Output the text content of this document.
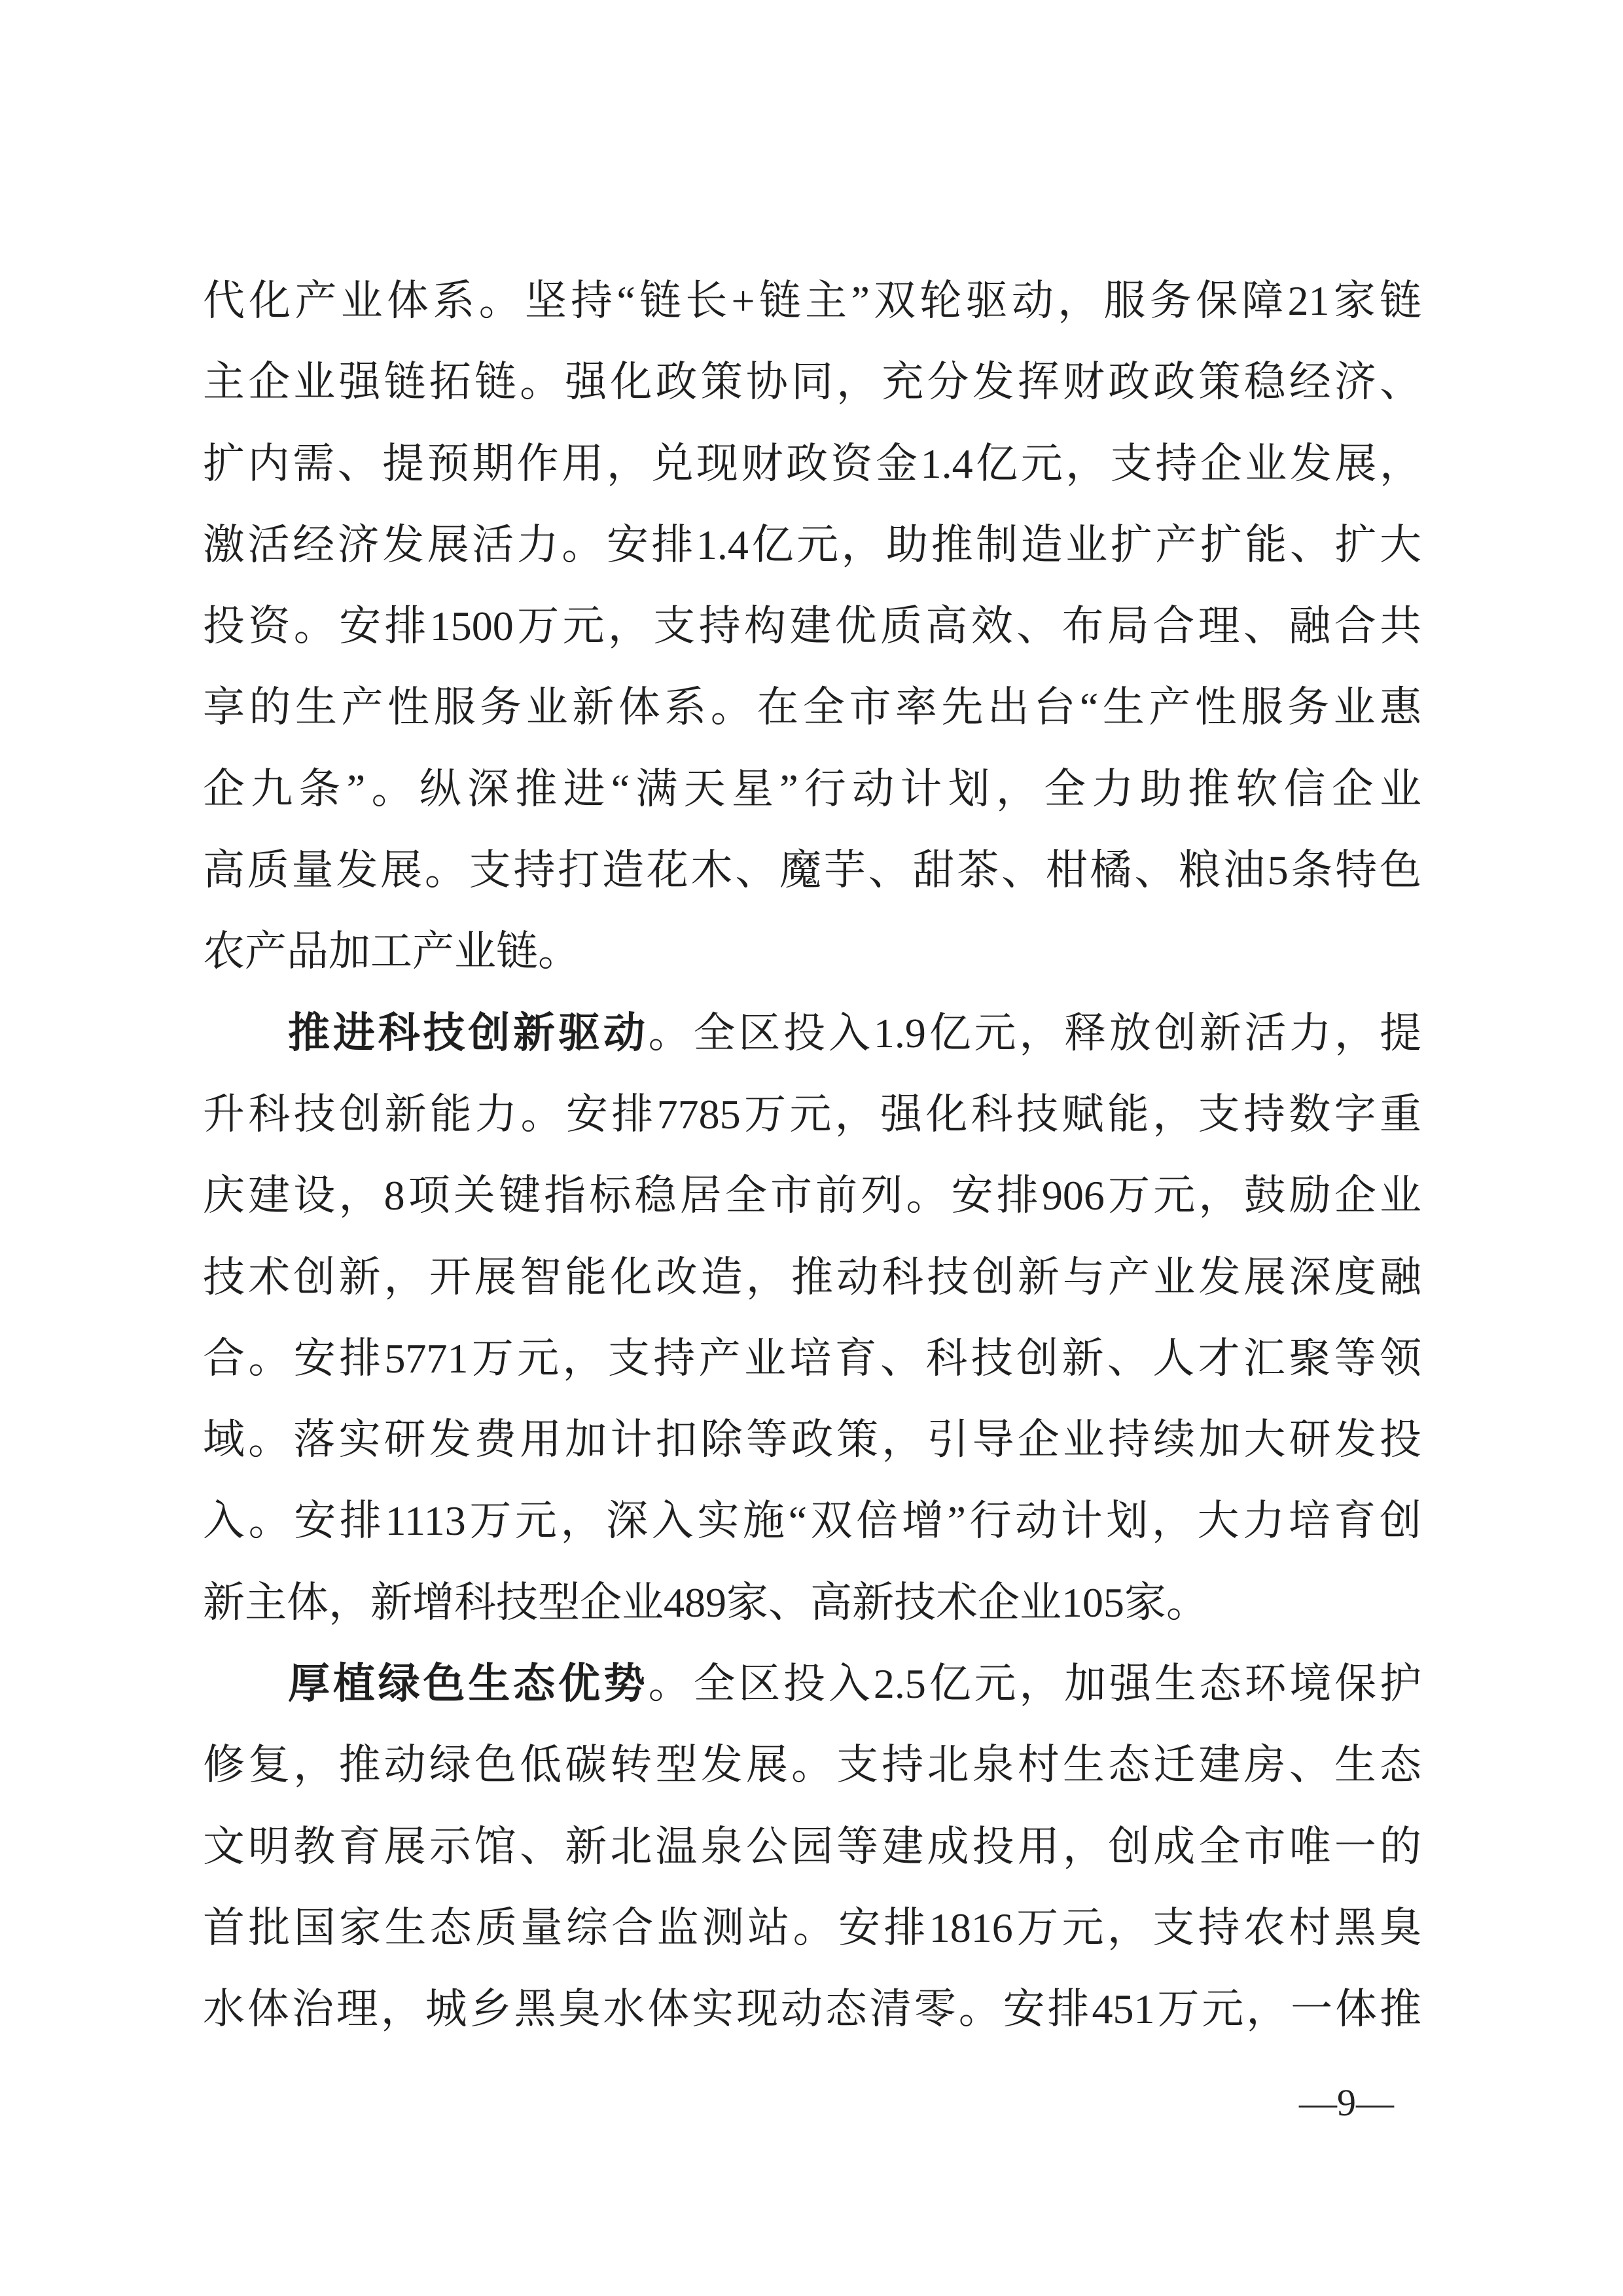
代化产业体系。坚持“链长+链主”双轮驱动，服务保障21家链
主企业强链拓链。强化政策协同，充分发挥财政政策稳经济、
扩内需、提预期作用，兑现财政资金1.4亿元，支持企业发展，
激活经济发展活力。安排1.4亿元，助推制造业扩产扩能、扩大
投资。安排1500万元，支持构建优质高效、布局合理、融合共
享的生产性服务业新体系。在全市率先出台“生产性服务业惠
企九条”。纵深推进“满天星”行动计划，全力助推软信企业
高质量发展。支持打造花木、魔芋、甜茶、柑橘、粮油5条特色
农产品加工产业链。
推进科技创新驱动。全区投入1.9亿元，释放创新活力，提
升科技创新能力。安排7785万元，强化科技赋能，支持数字重
庆建设，8项关键指标稳居全市前列。安排906万元，鼓励企业
技术创新，开展智能化改造，推动科技创新与产业发展深度融
合。安排5771万元，支持产业培育、科技创新、人才汇聚等领
域。落实研发费用加计扣除等政策，引导企业持续加大研发投
入。安排1113万元，深入实施“双倍增”行动计划，大力培育创
新主体，新增科技型企业489家、高新技术企业105家。
厚植绿色生态优势。全区投入2.5亿元，加强生态环境保护
修复，推动绿色低碳转型发展。支持北泉村生态迁建房、生态
文明教育展示馆、新北温泉公园等建成投用，创成全市唯一的
首批国家生态质量综合监测站。安排1816万元，支持农村黑臭
水体治理，城乡黑臭水体实现动态清零。安排451万元，一体推
—9—
